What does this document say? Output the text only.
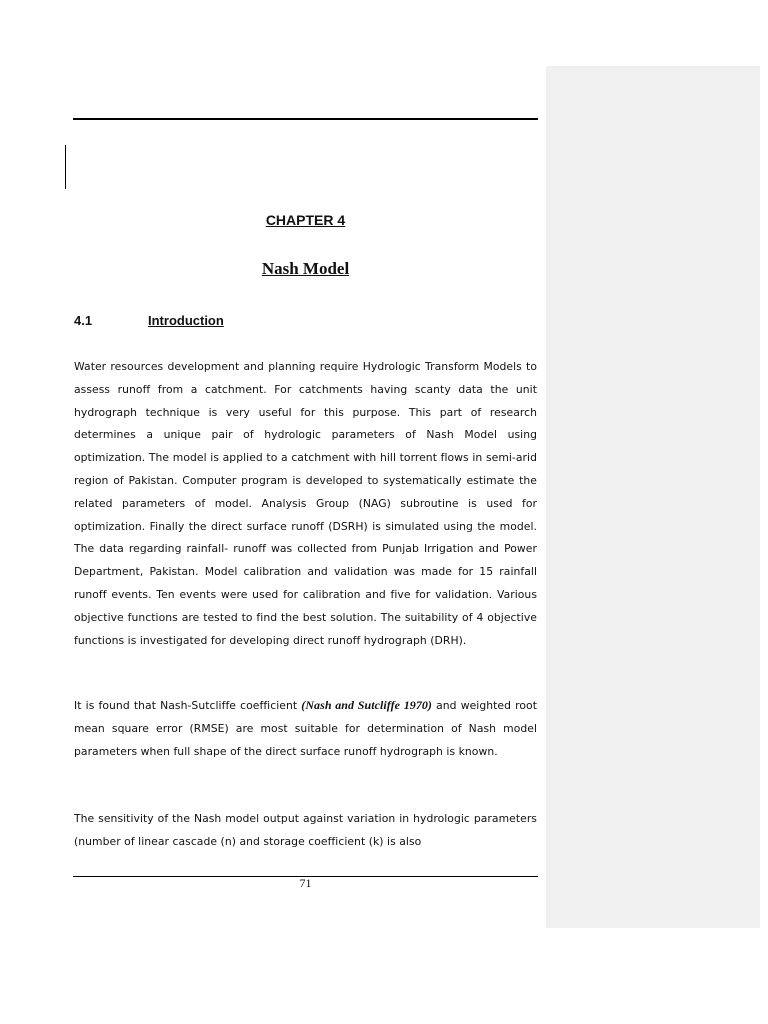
CHAPTER 4
Nash Model
4.1	Introduction

Water resources development and planning require Hydrologic Transform Models to assess runoff from a catchment. For catchments having scanty data the unit hydrograph technique is very useful for this purpose. This part of research determines a unique pair of hydrologic parameters of Nash Model using optimization. The model is applied to a catchment with hill torrent flows in semi-arid region of Pakistan. Computer program is developed to systematically estimate the related parameters of model. Analysis Group (NAG) subroutine is used for optimization. Finally the direct surface runoff (DSRH) is simulated using the model. The data regarding rainfall- runoff was collected from Punjab Irrigation and Power Department, Pakistan. Model calibration and validation was made for 15 rainfall runoff events. Ten events were used for calibration and five for validation. Various objective functions are tested to find the best solution. The suitability of 4 objective functions is investigated for developing direct runoff hydrograph (DRH).

It is found that Nash-Sutcliffe coefficient (Nash and Sutcliffe 1970) and weighted root mean square error (RMSE) are most suitable for determination of Nash model parameters when full shape of the direct surface runoff hydrograph is known.

The sensitivity of the Nash model output against variation in hydrologic parameters (number of linear cascade (n) and storage coefficient (k) is also

71
